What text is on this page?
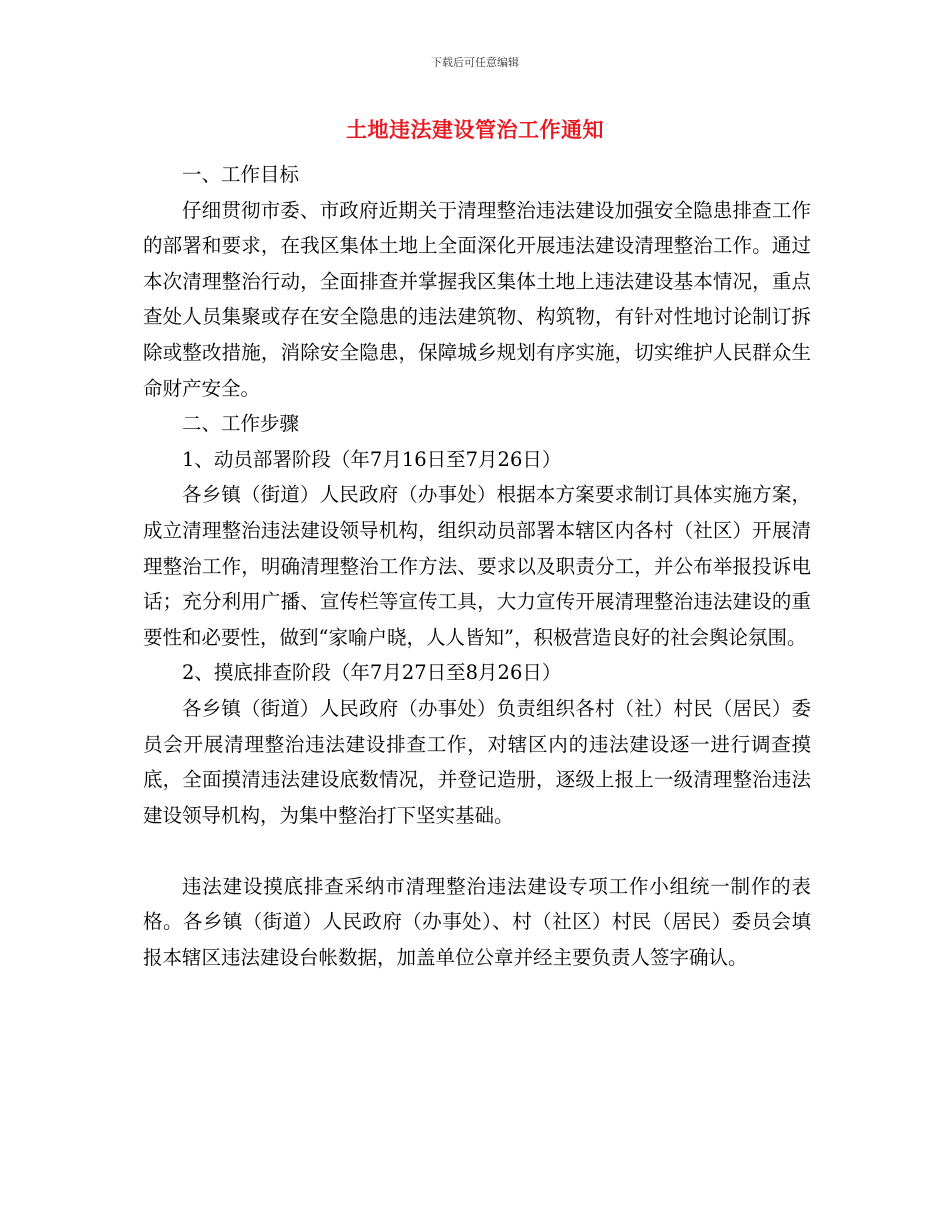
下载后可任意编辑
土地违法建设管治工作通知

一、工作目标

仔细贯彻市委、市政府近期关于清理整治违法建设加强安全隐患排查工作的部署和要求，在我区集体土地上全面深化开展违法建设清理整治工作。通过本次清理整治行动，全面排查并掌握我区集体土地上违法建设基本情况，重点查处人员集聚或存在安全隐患的违法建筑物、构筑物，有针对性地讨论制订拆除或整改措施，消除安全隐患，保障城乡规划有序实施，切实维护人民群众生命财产安全。

二、工作步骤

1、动员部署阶段（年7月16日至7月26日）

各乡镇（街道）人民政府（办事处）根据本方案要求制订具体实施方案，成立清理整治违法建设领导机构，组织动员部署本辖区内各村（社区）开展清理整治工作，明确清理整治工作方法、要求以及职责分工，并公布举报投诉电话；充分利用广播、宣传栏等宣传工具，大力宣传开展清理整治违法建设的重要性和必要性，做到“家喻户晓，人人皆知”，积极营造良好的社会舆论氛围。

2、摸底排查阶段（年7月27日至8月26日）

各乡镇（街道）人民政府（办事处）负责组织各村（社）村民（居民）委员会开展清理整治违法建设排查工作，对辖区内的违法建设逐一进行调查摸底，全面摸清违法建设底数情况，并登记造册，逐级上报上一级清理整治违法建设领导机构，为集中整治打下坚实基础。

违法建设摸底排查采纳市清理整治违法建设专项工作小组统一制作的表格。各乡镇（街道）人民政府（办事处）、村（社区）村民（居民）委员会填报本辖区违法建设台帐数据，加盖单位公章并经主要负责人签字确认。
